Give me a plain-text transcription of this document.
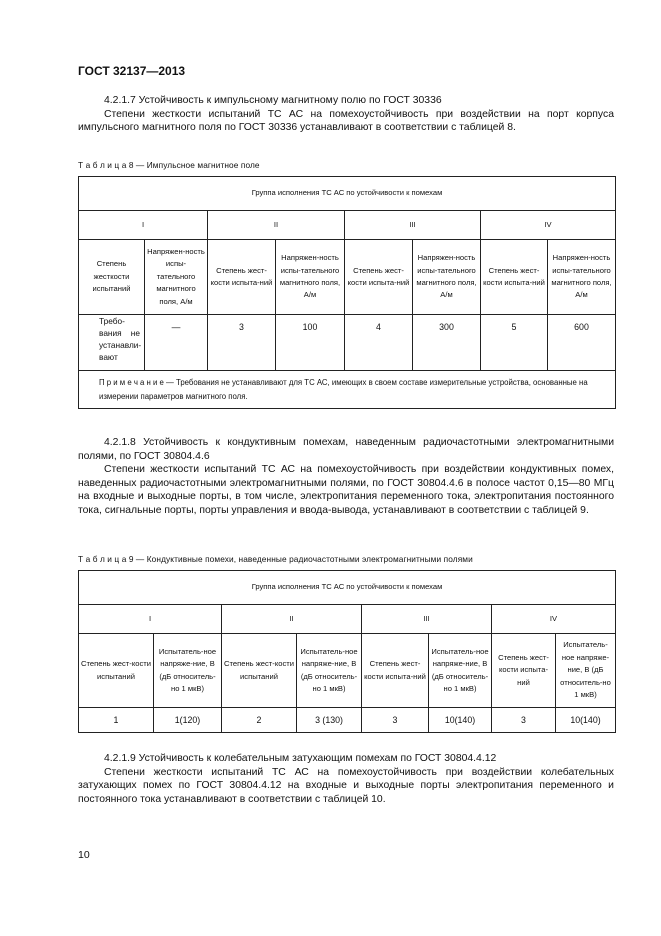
ГОСТ 32137—2013

4.2.1.7 Устойчивость к импульсному магнитному полю по ГОСТ 30336

Степени жесткости испытаний ТС АС на помехоустойчивость при воздействии на порт корпуса импульсного магнитного поля по ГОСТ 30336 устанавливают в соответствии с таблицей 8.

Т а б л и ц а 8 — Импульсное магнитное поле
Группа исполнения ТС АС по устойчивости к помехам							
I		II		III		IV	
Степень жесткости испытаний	Напряжен-ность испы-тательного магнитного поля, А/м	Степень жест-кости испыта-ний	Напряжен-ность испы-тательного магнитного поля, А/м	Степень жест-кости испыта-ний	Напряжен-ность испы-тательного магнитного поля, А/м	Степень жест-кости испыта-ний	Напряжен-ность испы-тательного магнитного поля, А/м
Требо-вания не устанавли-вают	—	3	100	4	300	5	600
П р и м е ч а н и е — Требования не устанавливают для ТС АС, имеющих в своем составе измерительные устройства, основанные на измерении параметров магнитного поля.							

4.2.1.8 Устойчивость к кондуктивным помехам, наведенным радиочастотными электромагнитными полями, по ГОСТ 30804.4.6

Степени жесткости испытаний ТС АС на помехоустойчивость при воздействии кондуктивных помех, наведенных радиочастотными электромагнитными полями, по ГОСТ 30804.4.6 в полосе частот 0,15—80 МГц на входные и выходные порты, в том числе, электропитания переменного тока, электропитания постоянного тока, сигнальные порты, порты управления и ввода-вывода, устанавливают в соответствии с таблицей 9.

Т а б л и ц а 9 — Кондуктивные помехи, наведенные радиочастотными электромагнитными полями
Группа исполнения ТС АС по устойчивости к помехам							
I		II		III		IV	
Степень жест-кости испытаний	Испытатель-ное напряже-ние, В (дБ относитель-но 1 мкВ)	Степень жест-кости испытаний	Испытатель-ное напряже-ние, В (дБ относитель-но 1 мкВ)	Степень жест-кости испыта-ний	Испытатель-ное напряже-ние, В (дБ относитель-но 1 мкВ)	Степень жест-кости испыта-ний	Испытатель-ное напряже-ние, В (дБ относитель-но 1 мкВ)
1	1(120)	2	3 (130)	3	10(140)	3	10(140)

4.2.1.9 Устойчивость к колебательным затухающим помехам по ГОСТ 30804.4.12

Степени жесткости испытаний ТС АС на помехоустойчивость при воздействии колебательных затухающих помех по ГОСТ 30804.4.12 на входные и выходные порты электропитания переменного и постоянного тока устанавливают в соответствии с таблицей 10.

10
